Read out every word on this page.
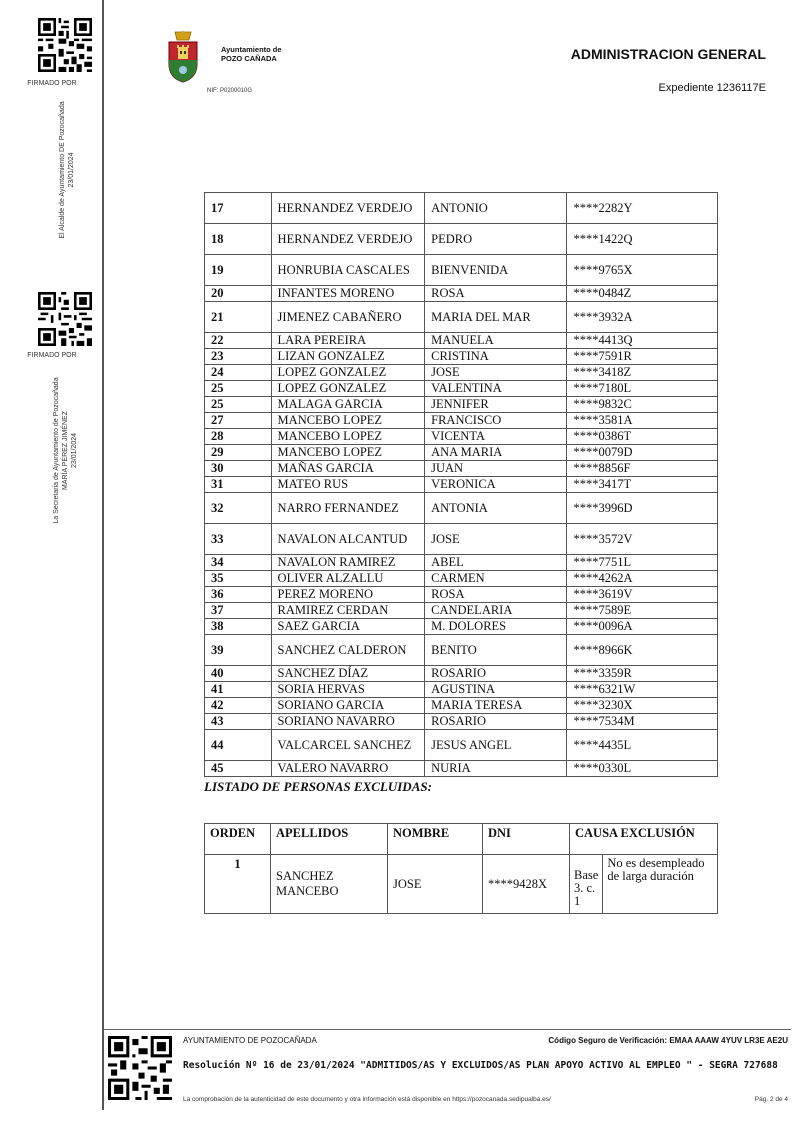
FIRMADO POR
El Alcalde de Ayuntamiento DE Pozocañada 23/01/2024
FIRMADO POR
La Secretaria de Ayuntamiento de Pozocañada MARÍA PÉREZ JIMÉNEZ 23/01/2024
Ayuntamiento de
POZO CAÑADA
NIF: P0200010G
ADMINISTRACION GENERAL
Expediente 1236117E
17	HERNANDEZ VERDEJO	ANTONIO	****2282Y
18	HERNANDEZ VERDEJO	PEDRO	****1422Q
19	HONRUBIA CASCALES	BIENVENIDA	****9765X
20	INFANTES MORENO	ROSA	****0484Z
21	JIMENEZ CABAÑERO	MARIA DEL MAR	****3932A
22	LARA PEREIRA	MANUELA	****4413Q
23	LIZAN GONZALEZ	CRISTINA	****7591R
24	LOPEZ GONZALEZ	JOSE	****3418Z
25	LOPEZ GONZALEZ	VALENTINA	****7180L
25	MALAGA GARCIA	JENNIFER	****9832C
27	MANCEBO LOPEZ	FRANCISCO	****3581A
28	MANCEBO LOPEZ	VICENTA	****0386T
29	MANCEBO LOPEZ	ANA MARIA	****0079D
30	MAÑAS GARCIA	JUAN	****8856F
31	MATEO RUS	VERONICA	****3417T
32	NARRO FERNANDEZ	ANTONIA	****3996D
33	NAVALON ALCANTUD	JOSE	****3572V
34	NAVALON RAMIREZ	ABEL	****7751L
35	OLIVER ALZALLU	CARMEN	****4262A
36	PEREZ MORENO	ROSA	****3619V
37	RAMIREZ CERDAN	CANDELARIA	****7589E
38	SAEZ GARCIA	M. DOLORES	****0096A
39	SANCHEZ CALDERON	BENITO	****8966K
40	SANCHEZ DÍAZ	ROSARIO	****3359R
41	SORIA HERVAS	AGUSTINA	****6321W
42	SORIANO GARCIA	MARIA TERESA	****3230X
43	SORIANO NAVARRO	ROSARIO	****7534M
44	VALCARCEL SANCHEZ	JESUS ANGEL	****4435L
45	VALERO NAVARRO	NURIA	****0330L
LISTADO DE PERSONAS EXCLUIDAS:
ORDEN	APELLIDOS	NOMBRE	DNI	CAUSA EXCLUSIÓN
1	SANCHEZ MANCEBO	JOSE	****9428X	Base 3. c. 1
No es desempleado de larga duración
AYUNTAMIENTO DE POZOCAÑADA	Código Seguro de Verificación: EMAA AAAW 4YUV LR3E AE2U
Resolución Nº 16 de 23/01/2024 "ADMITIDOS/AS Y EXCLUIDOS/AS PLAN APOYO ACTIVO AL EMPLEO " - SEGRA 727688
La comprobación de la autenticidad de este documento y otra información está disponible en https://pozocanada.sedipualba.es/	Pág. 2 de 4
